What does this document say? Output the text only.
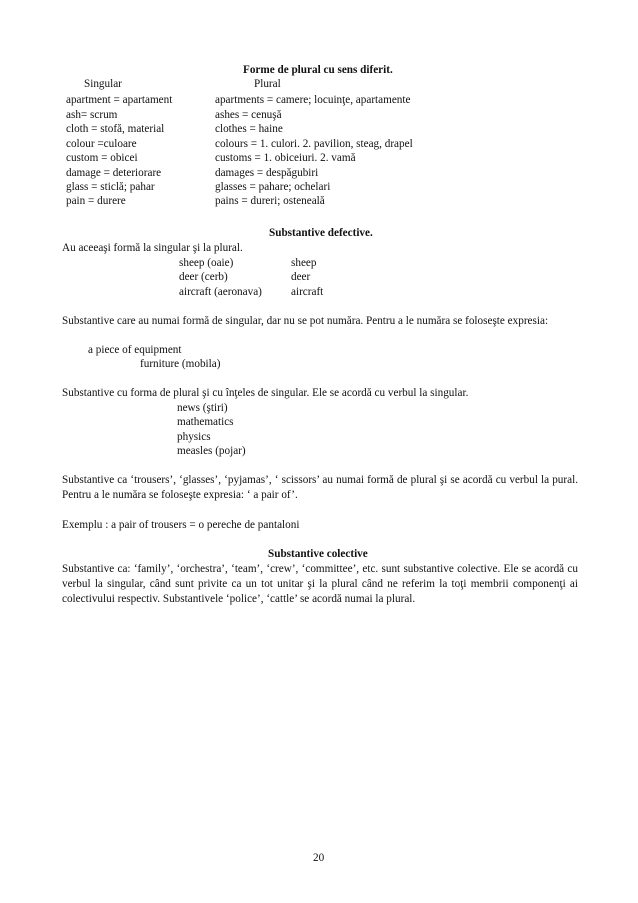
Forme de plural cu sens diferit.
Singular	Plural
apartment = apartament	apartments = camere; locuinţe, apartamente
ash= scrum	ashes = cenuşă
cloth = stofă, material	clothes = haine
colour =culoare	colours = 1. culori. 2. pavilion, steag, drapel
custom = obicei	customs = 1. obiceiuri. 2. vamă
damage = deteriorare	damages = despăgubiri
glass = sticlă; pahar	glasses = pahare; ochelari
pain = durere	pains = dureri; osteneală
Substantive defective.
Au aceeaşi formă la singular şi la plural.
sheep (oaie)	sheep
deer (cerb)	deer
aircraft (aeronava)	aircraft
Substantive care au numai formă de singular, dar nu se pot număra. Pentru a le număra se foloseşte expresia:
a piece of equipment
furniture (mobila)
Substantive cu forma de plural şi cu înţeles de singular. Ele se acordă cu verbul la singular.
news (ştiri)
mathematics
physics
measles (pojar)
Substantive ca ‘trousers’, ‘glasses’, ‘pyjamas’, ‘ scissors’ au numai formă de plural şi se acordă cu verbul la pural. Pentru a le număra se foloseşte expresia: ‘ a pair of’.
Exemplu : a pair of trousers = o pereche de pantaloni
Substantive colective
Substantive ca: ‘family’, ‘orchestra’, ‘team’, ‘crew’, ‘committee’, etc. sunt substantive colective. Ele se acordă cu verbul la singular, când sunt privite ca un tot unitar şi la plural când ne referim la toţi membrii componenţi ai colectivului respectiv. Substantivele ‘police’, ‘cattle’ se acordă numai la plural.
20
